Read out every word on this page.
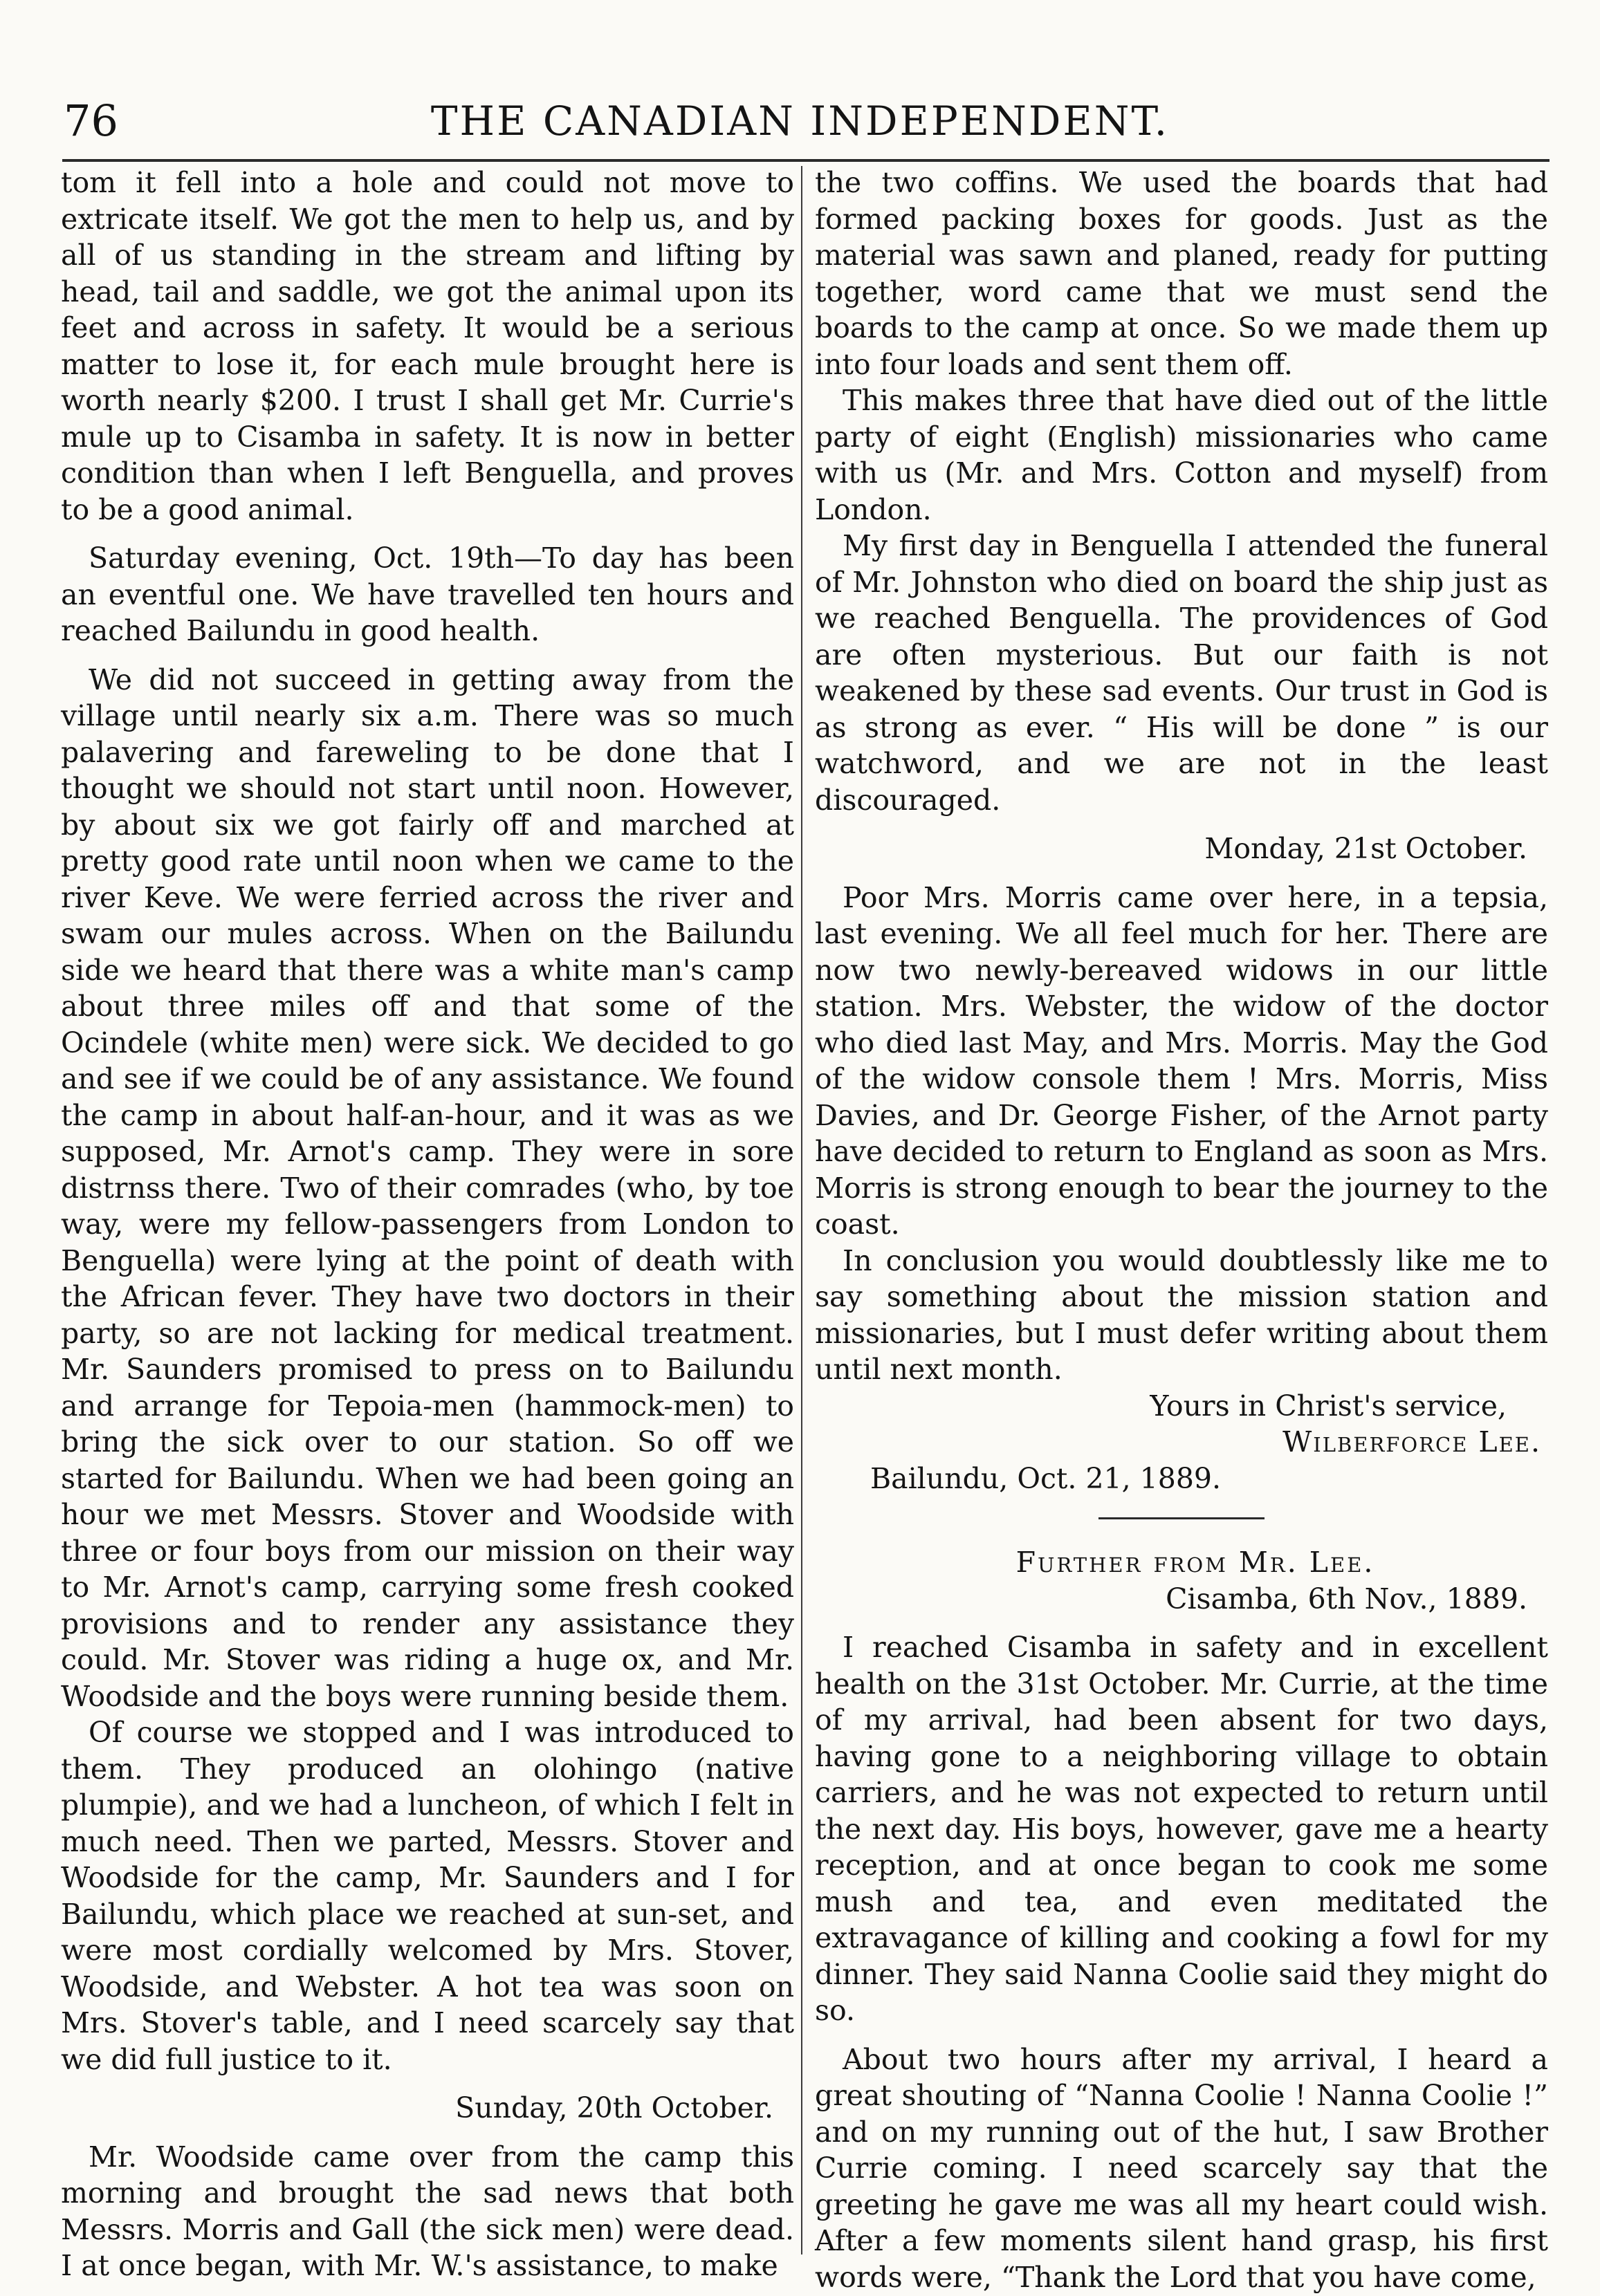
76	THE CANADIAN INDEPENDENT.

tom it fell into a hole and could not move to extricate itself. We got the men to help us, and by all of us standing in the stream and lifting by head, tail and saddle, we got the animal upon its feet and across in safety. It would be a serious matter to lose it, for each mule brought here is worth nearly $200. I trust I shall get Mr. Currie's mule up to Cisamba in safety. It is now in better condition than when I left Benguella, and proves to be a good animal.

Saturday evening, Oct. 19th—To day has been an eventful one. We have travelled ten hours and reached Bailundu in good health.

We did not succeed in getting away from the village until nearly six a.m. There was so much palavering and fareweling to be done that I thought we should not start until noon. However, by about six we got fairly off and marched at pretty good rate until noon when we came to the river Keve. We were ferried across the river and swam our mules across. When on the Bailundu side we heard that there was a white man's camp about three miles off and that some of the Ocindele (white men) were sick. We decided to go and see if we could be of any assistance. We found the camp in about half-an-hour, and it was as we supposed, Mr. Arnot's camp. They were in sore distrnss there. Two of their comrades (who, by toe way, were my fellow-passengers from London to Benguella) were lying at the point of death with the African fever. They have two doctors in their party, so are not lacking for medical treatment. Mr. Saunders promised to press on to Bailundu and arrange for Tepoia-men (hammock-men) to bring the sick over to our station. So off we started for Bailundu. When we had been going an hour we met Messrs. Stover and Woodside with three or four boys from our mission on their way to Mr. Arnot's camp, carrying some fresh cooked provisions and to render any assistance they could. Mr. Stover was riding a huge ox, and Mr. Woodside and the boys were running beside them.

Of course we stopped and I was introduced to them. They produced an olohingo (native plumpie), and we had a luncheon, of which I felt in much need. Then we parted, Messrs. Stover and Woodside for the camp, Mr. Saunders and I for Bailundu, which place we reached at sun-set, and were most cordially welcomed by Mrs. Stover, Woodside, and Webster. A hot tea was soon on Mrs. Stover's table, and I need scarcely say that we did full justice to it.

Sunday, 20th October.

Mr. Woodside came over from the camp this morning and brought the sad news that both Messrs. Morris and Gall (the sick men) were dead. I at once began, with Mr. W.'s assistance, to make

the two coffins. We used the boards that had formed packing boxes for goods. Just as the material was sawn and planed, ready for putting together, word came that we must send the boards to the camp at once. So we made them up into four loads and sent them off.

This makes three that have died out of the little party of eight (English) missionaries who came with us (Mr. and Mrs. Cotton and myself) from London.

My first day in Benguella I attended the funeral of Mr. Johnston who died on board the ship just as we reached Benguella. The providences of God are often mysterious. But our faith is not weakened by these sad events. Our trust in God is as strong as ever. “ His will be done ” is our watchword, and we are not in the least discouraged.

Monday, 21st October.

Poor Mrs. Morris came over here, in a tepsia, last evening. We all feel much for her. There are now two newly-bereaved widows in our little station. Mrs. Webster, the widow of the doctor who died last May, and Mrs. Morris. May the God of the widow console them ! Mrs. Morris, Miss Davies, and Dr. George Fisher, of the Arnot party have decided to return to England as soon as Mrs. Morris is strong enough to bear the journey to the coast.

In conclusion you would doubtlessly like me to say something about the mission station and missionaries, but I must defer writing about them until next month.

Yours in Christ's service,

Wilberforce Lee.

Bailundu, Oct. 21, 1889.

Further from Mr. Lee.

Cisamba, 6th Nov., 1889.

I reached Cisamba in safety and in excellent health on the 31st October. Mr. Currie, at the time of my arrival, had been absent for two days, having gone to a neighboring village to obtain carriers, and he was not expected to return until the next day. His boys, however, gave me a hearty reception, and at once began to cook me some mush and tea, and even meditated the extravagance of killing and cooking a fowl for my dinner. They said Nanna Coolie said they might do so.

About two hours after my arrival, I heard a great shouting of “Nanna Coolie ! Nanna Coolie !” and on my running out of the hut, I saw Brother Currie coming. I need scarcely say that the greeting he gave me was all my heart could wish. After a few moments silent hand grasp, his first words were, “Thank the Lord that you have come,
